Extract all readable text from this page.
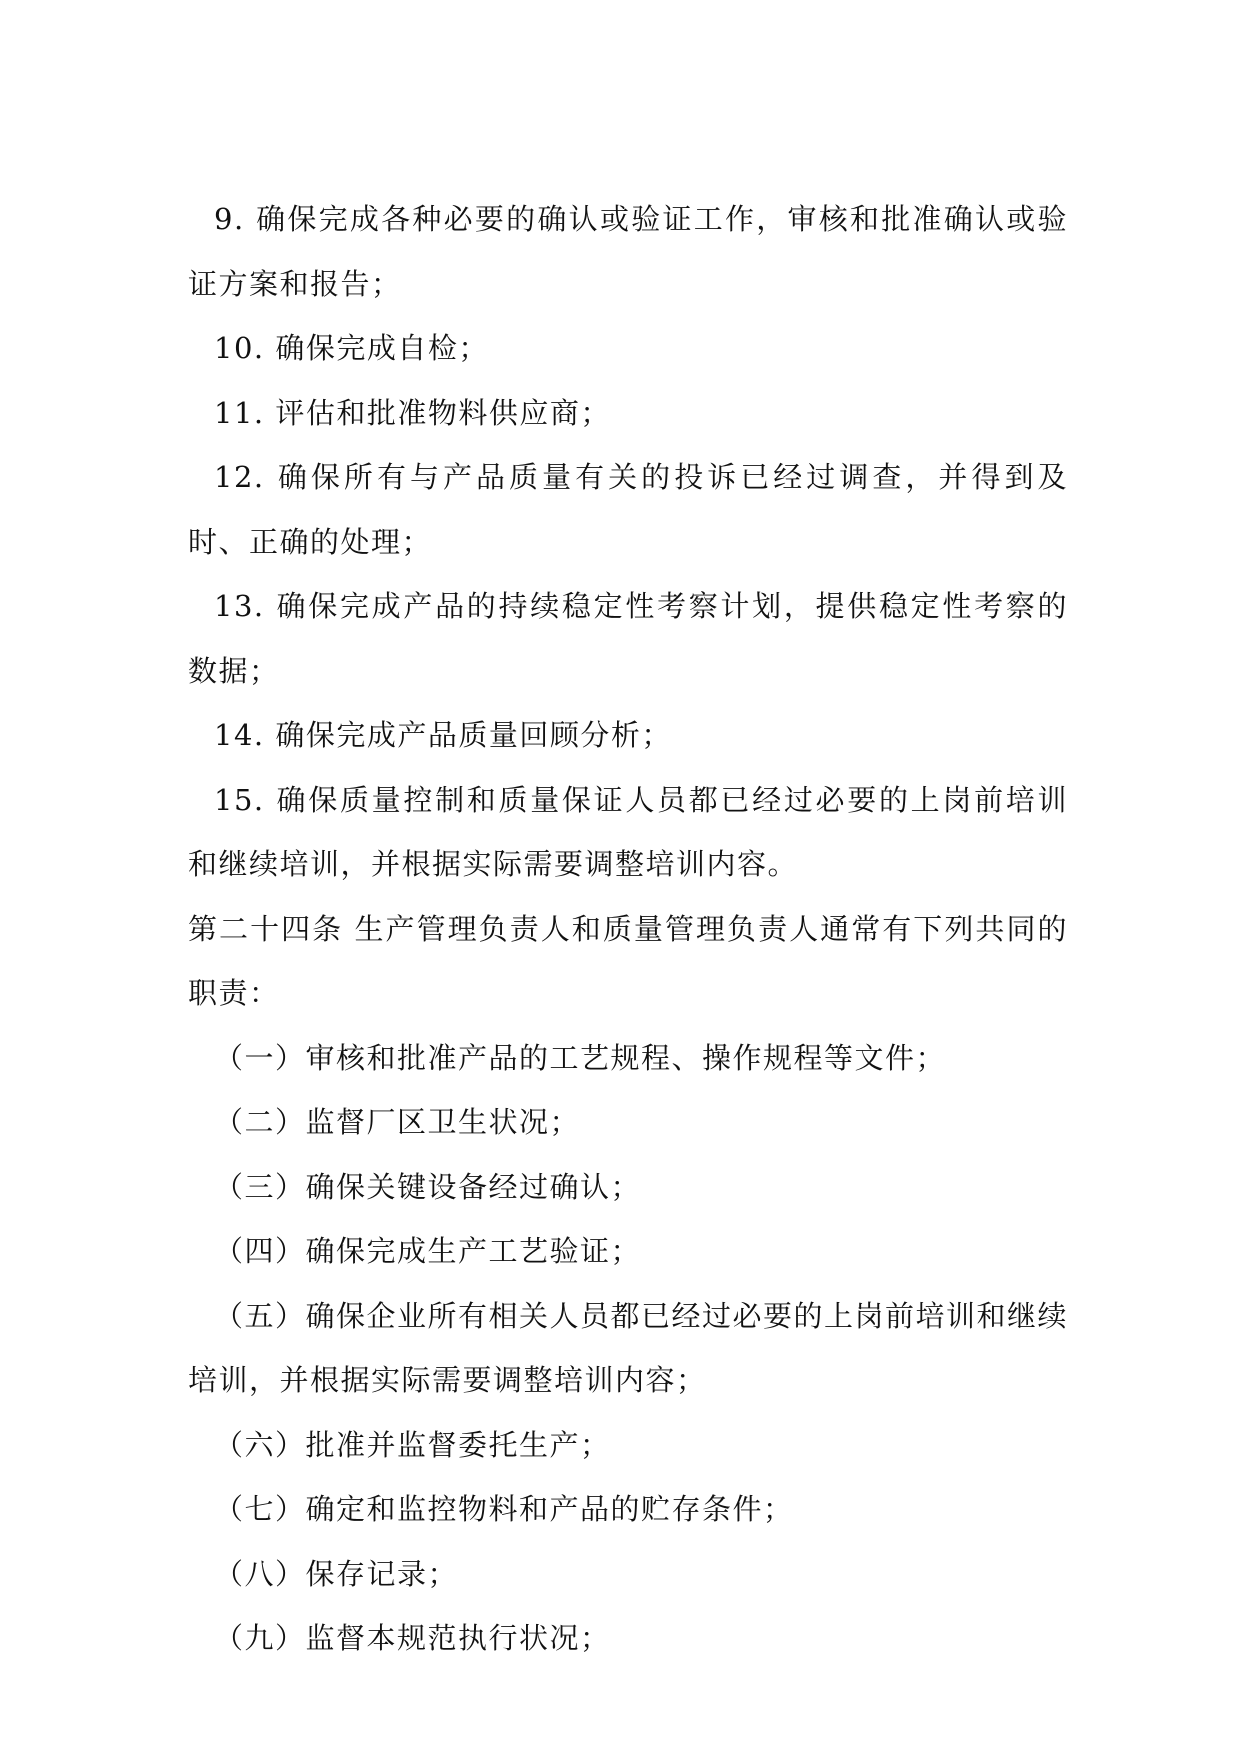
9. 确保完成各种必要的确认或验证工作，审核和批准确认或验证方案和报告；

10. 确保完成自检；

11. 评估和批准物料供应商；

12. 确保所有与产品质量有关的投诉已经过调查，并得到及时、正确的处理；

13. 确保完成产品的持续稳定性考察计划，提供稳定性考察的数据；

14. 确保完成产品质量回顾分析；

15. 确保质量控制和质量保证人员都已经过必要的上岗前培训和继续培训，并根据实际需要调整培训内容。

第二十四条 生产管理负责人和质量管理负责人通常有下列共同的职责：

（一）审核和批准产品的工艺规程、操作规程等文件；

（二）监督厂区卫生状况；

（三）确保关键设备经过确认；

（四）确保完成生产工艺验证；

（五）确保企业所有相关人员都已经过必要的上岗前培训和继续培训，并根据实际需要调整培训内容；

（六）批准并监督委托生产；

（七）确定和监控物料和产品的贮存条件；

（八）保存记录；

（九）监督本规范执行状况；
